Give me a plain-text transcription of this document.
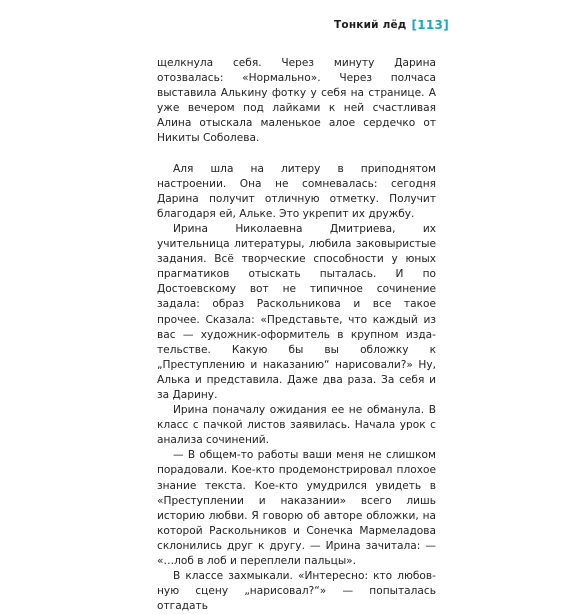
Тонкий лёд [113]

щелкнула себя. Через минуту Дарина отозвалась: «Нормально». Через полчаса выставила Алькину фотку у себя на странице. А уже вечером под лайками к ней счастливая Алина отыскала маленькое алое сердечко от Никиты Соболева.

Аля шла на литеру в приподнятом настроении. Она не сомневалась: сегодня Дарина получит отличную отметку. Получит благодаря ей, Альке. Это укрепит их дружбу.

Ирина Николаевна Дмитриева, их учительница литературы, любила заковыристые задания. Всё творческие способности у юных прагматиков отыскать пыталась. И по Достоевскому вот не типичное сочинение задала: образ Раскольникова и все такое прочее. Сказала: «Представьте, что каждый из вас — художник-оформитель в крупном издательстве. Какую бы вы обложку к „Преступлению и наказанию“ нарисовали?» Ну, Алька и представила. Даже два раза. За себя и за Дарину.

Ирина поначалу ожидания ее не обманула. В класс с пачкой листов заявилась. Начала урок с анализа сочинений.

— В общем-то работы ваши меня не слишком порадовали. Кое-кто продемонстрировал плохое знание текста. Кое-кто умудрился увидеть в «Преступлении и наказании» всего лишь историю любви. Я говорю об авторе обложки, на которой Раскольников и Сонечка Мармеладова склонились друг к другу. — Ирина зачитала: — «…лоб в лоб и переплели пальцы».

В классе захмыкали. «Интересно: кто любовную сцену „нарисовал?“» — попыталась отгадать
